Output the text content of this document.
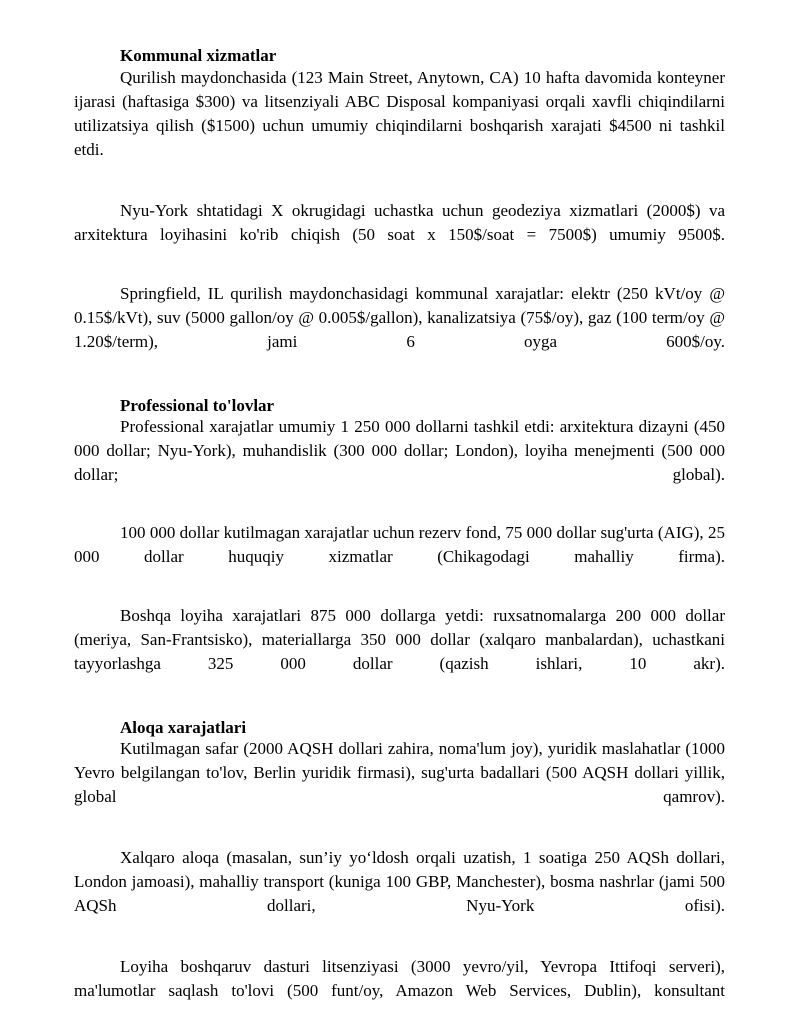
Kommunal xizmatlar

Qurilish maydonchasida (123 Main Street, Anytown, CA) 10 hafta davomida konteyner ijarasi (haftasiga $300) va litsenziyali ABC Disposal kompaniyasi orqali xavfli chiqindilarni utilizatsiya qilish ($1500) uchun umumiy chiqindilarni boshqarish xarajati $4500 ni tashkil etdi.

Nyu-York shtatidagi X okrugidagi uchastka uchun geodeziya xizmatlari (2000$) va arxitektura loyihasini ko'rib chiqish (50 soat x 150$/soat = 7500$) umumiy 9500$.

Springfield, IL qurilish maydonchasidagi kommunal xarajatlar: elektr (250 kVt/oy @ 0.15$/kVt), suv (5000 gallon/oy @ 0.005$/gallon), kanalizatsiya (75$/oy), gaz (100 term/oy @ 1.20$/term), jami 6 oyga 600$/oy.

Professional to'lovlar

Professional xarajatlar umumiy 1 250 000 dollarni tashkil etdi: arxitektura dizayni (450 000 dollar; Nyu-York), muhandislik (300 000 dollar; London), loyiha menejmenti (500 000 dollar; global).

100 000 dollar kutilmagan xarajatlar uchun rezerv fond, 75 000 dollar sug'urta (AIG), 25 000 dollar huquqiy xizmatlar (Chikagodagi mahalliy firma).

Boshqa loyiha xarajatlari 875 000 dollarga yetdi: ruxsatnomalarga 200 000 dollar (meriya, San-Frantsisko), materiallarga 350 000 dollar (xalqaro manbalardan), uchastkani tayyorlashga 325 000 dollar (qazish ishlari, 10 akr).

Aloqa xarajatlari

Kutilmagan safar (2000 AQSH dollari zahira, noma'lum joy), yuridik maslahatlar (1000 Yevro belgilangan to'lov, Berlin yuridik firmasi), sug'urta badallari (500 AQSH dollari yillik, global qamrov).

Xalqaro aloqa (masalan, sun’iy yo‘ldosh orqali uzatish, 1 soatiga 250 AQSh dollari, London jamoasi), mahalliy transport (kuniga 100 GBP, Manchester), bosma nashrlar (jami 500 AQSh dollari, Nyu-York ofisi).

Loyiha boshqaruv dasturi litsenziyasi (3000 yevro/yil, Yevropa Ittifoqi serveri), ma'lumotlar saqlash to'lovi (500 funt/oy, Amazon Web Services, Dublin), konsultant
